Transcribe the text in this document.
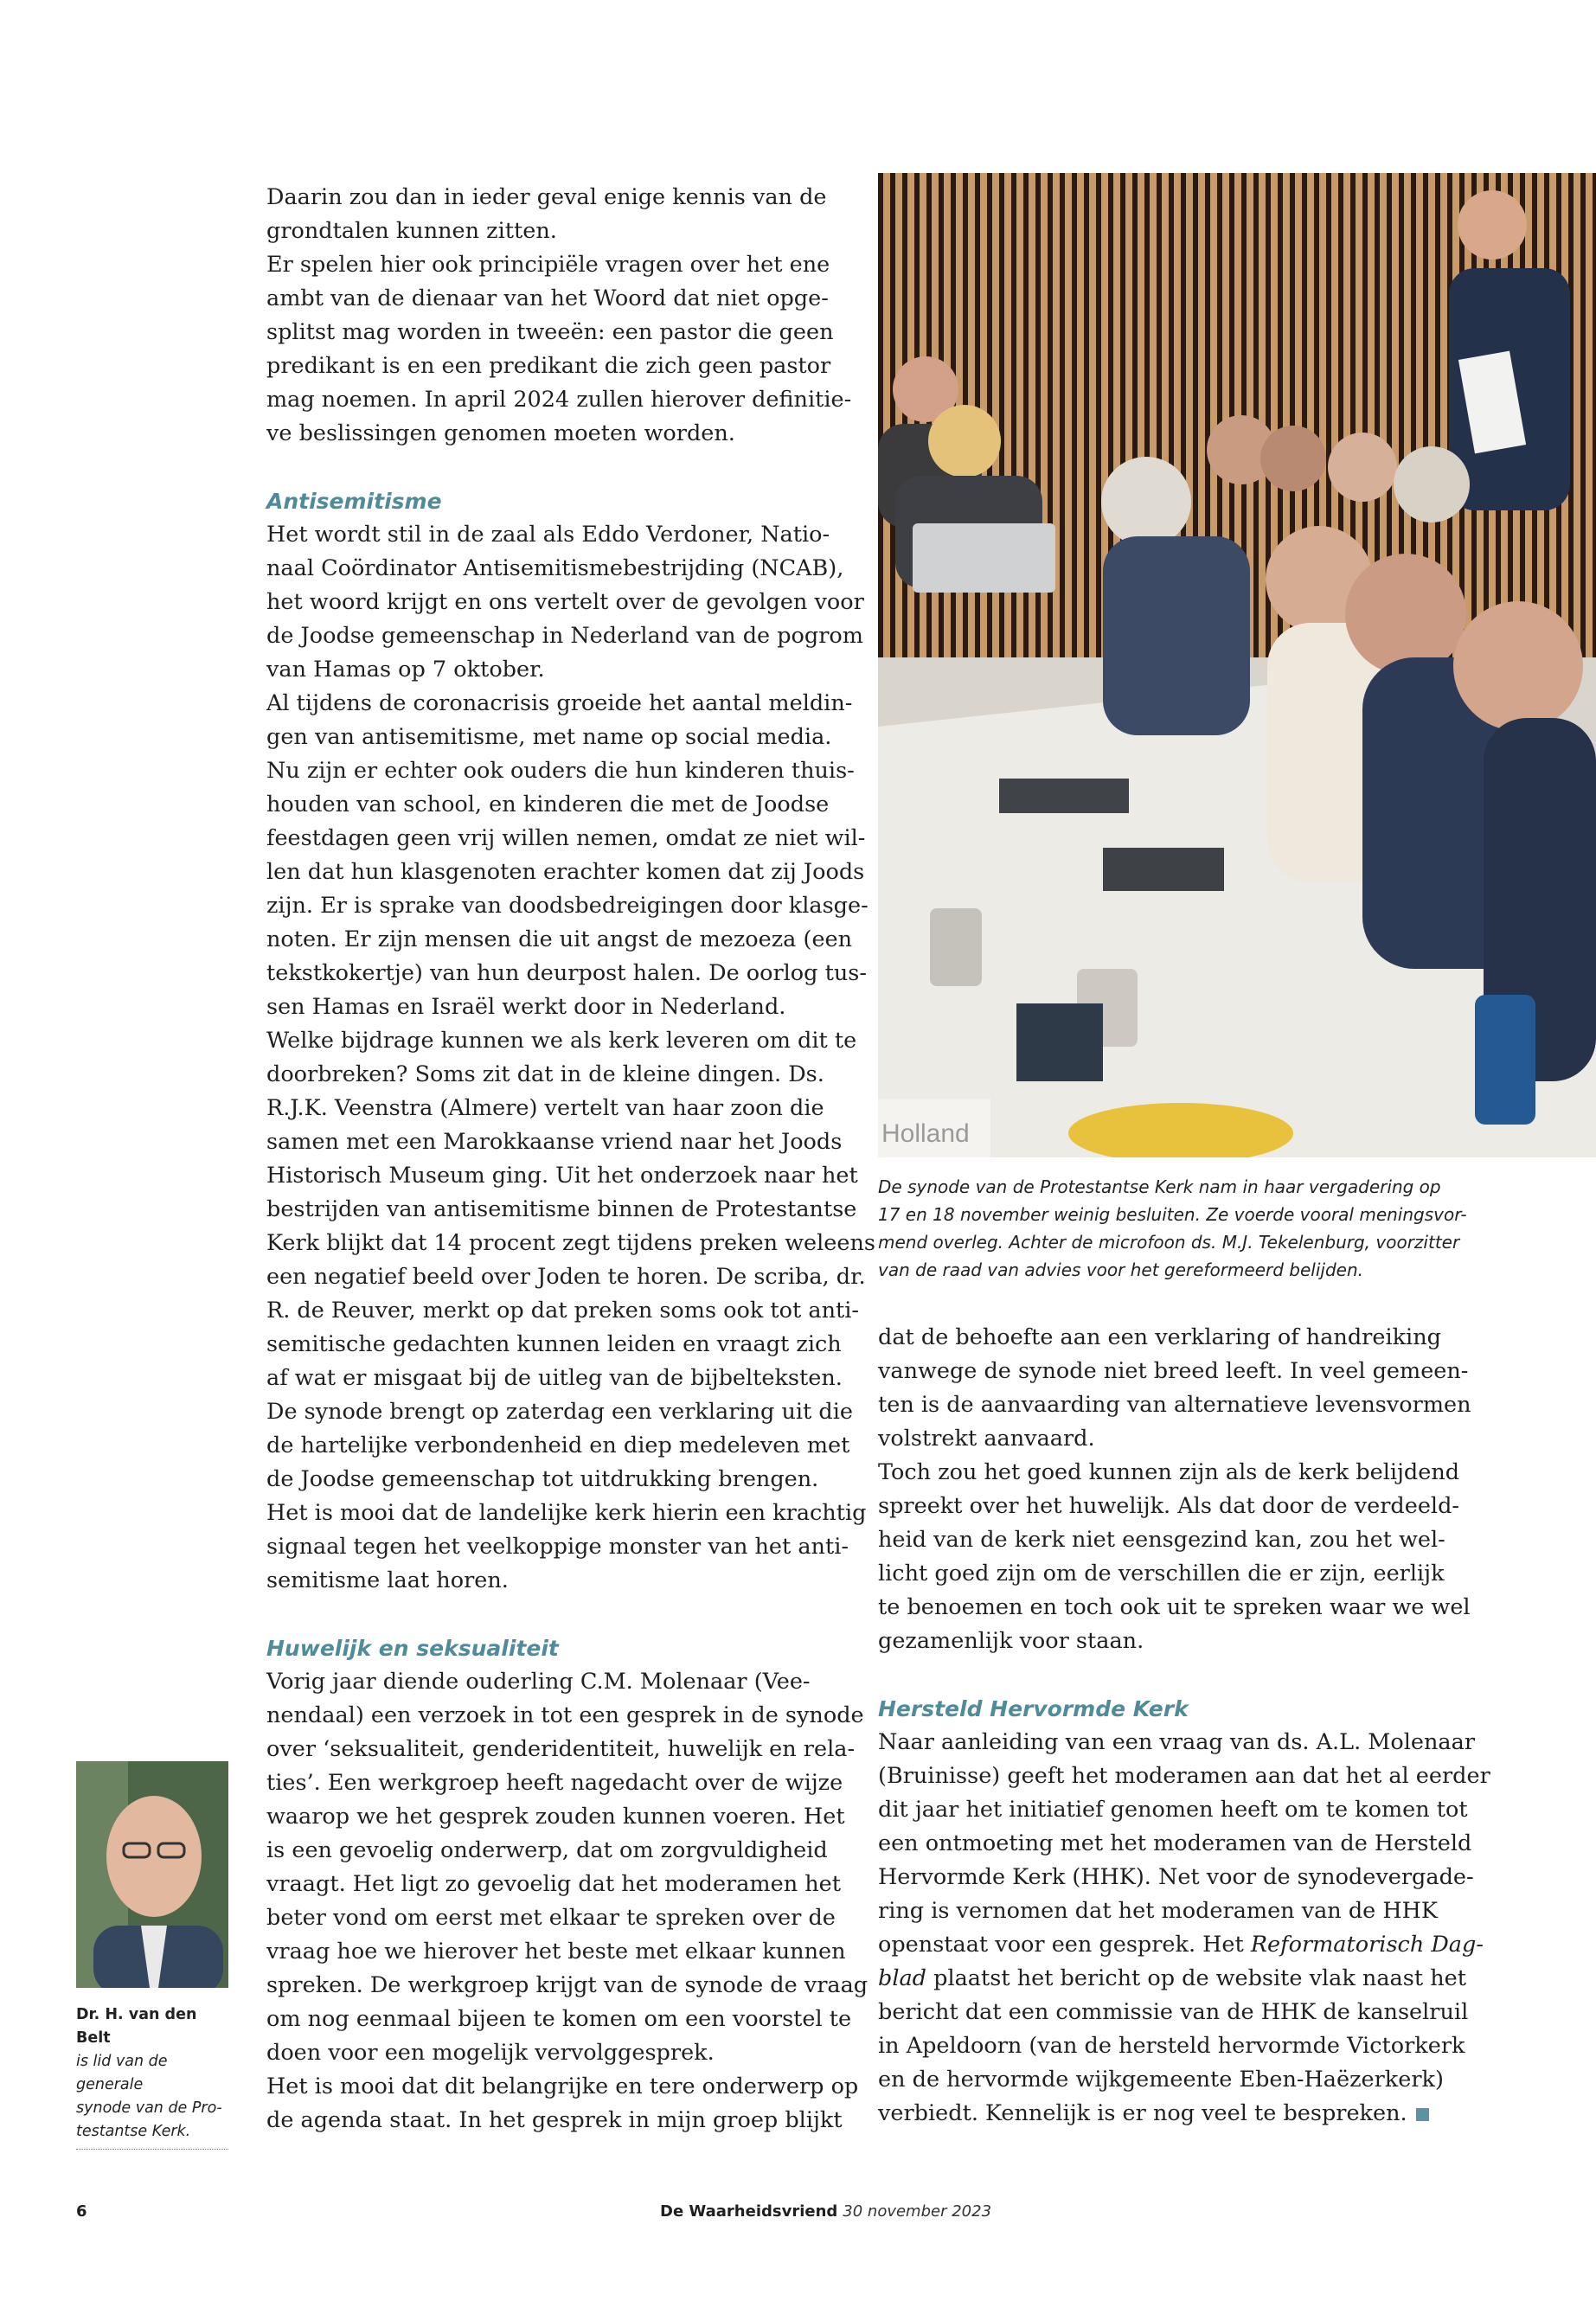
Daarin zou dan in ieder geval enige kennis van de

grondtalen kunnen zitten.

Er spelen hier ook principiële vragen over het ene

ambt van de dienaar van het Woord dat niet opge-

splitst mag worden in tweeën: een pastor die geen

predikant is en een predikant die zich geen pastor

mag noemen. In april 2024 zullen hierover definitie-

ve beslissingen genomen moeten worden.

Antisemitisme

Het wordt stil in de zaal als Eddo Verdoner, Natio-

naal Coördinator Antisemitismebestrijding (NCAB),

het woord krijgt en ons vertelt over de gevolgen voor

de Joodse gemeenschap in Nederland van de pogrom

van Hamas op 7 oktober.

Al tijdens de coronacrisis groeide het aantal meldin-

gen van antisemitisme, met name op social media.

Nu zijn er echter ook ouders die hun kinderen thuis-

houden van school, en kinderen die met de Joodse

feestdagen geen vrij willen nemen, omdat ze niet wil-

len dat hun klasgenoten erachter komen dat zij Joods

zijn. Er is sprake van doodsbedreigingen door klasge-

noten. Er zijn mensen die uit angst de mezoeza (een

tekstkokertje) van hun deurpost halen. De oorlog tus-

sen Hamas en Israël werkt door in Nederland.

Welke bijdrage kunnen we als kerk leveren om dit te

doorbreken? Soms zit dat in de kleine dingen. Ds.

R.J.K. Veenstra (Almere) vertelt van haar zoon die

samen met een Marokkaanse vriend naar het Joods

Historisch Museum ging. Uit het onderzoek naar het

bestrijden van antisemitisme binnen de Protestantse

Kerk blijkt dat 14 procent zegt tijdens preken weleens

een negatief beeld over Joden te horen. De scriba, dr.

R. de Reuver, merkt op dat preken soms ook tot anti-

semitische gedachten kunnen leiden en vraagt zich

af wat er misgaat bij de uitleg van de bijbelteksten.

De synode brengt op zaterdag een verklaring uit die

de hartelijke verbondenheid en diep medeleven met

de Joodse gemeenschap tot uitdrukking brengen.

Het is mooi dat de landelijke kerk hierin een krachtig

signaal tegen het veelkoppige monster van het anti-

semitisme laat horen.

Huwelijk en seksualiteit

Vorig jaar diende ouderling C.M. Molenaar (Vee-

nendaal) een verzoek in tot een gesprek in de synode

over ‘seksualiteit, genderidentiteit, huwelijk en rela-

ties’. Een werkgroep heeft nagedacht over de wijze

waarop we het gesprek zouden kunnen voeren. Het

is een gevoelig onderwerp, dat om zorgvuldigheid

vraagt. Het ligt zo gevoelig dat het moderamen het

beter vond om eerst met elkaar te spreken over de

vraag hoe we hierover het beste met elkaar kunnen

spreken. De werkgroep krijgt van de synode de vraag

om nog eenmaal bijeen te komen om een voorstel te

doen voor een mogelijk vervolggesprek.

Het is mooi dat dit belangrijke en tere onderwerp op

de agenda staat. In het gesprek in mijn groep blijkt

Holland
De synode van de Protestantse Kerk nam in haar vergadering op
17 en 18 november weinig besluiten. Ze voerde vooral meningsvor-
mend overleg. Achter de microfoon ds. M.J. Tekelenburg, voorzitter
van de raad van advies voor het gereformeerd belijden.

dat de behoefte aan een verklaring of handreiking

vanwege de synode niet breed leeft. In veel gemeen-

ten is de aanvaarding van alternatieve levensvormen

volstrekt aanvaard.

Toch zou het goed kunnen zijn als de kerk belijdend

spreekt over het huwelijk. Als dat door de verdeeld-

heid van de kerk niet eensgezind kan, zou het wel-

licht goed zijn om de verschillen die er zijn, eerlijk

te benoemen en toch ook uit te spreken waar we wel

gezamenlijk voor staan.

Hersteld Hervormde Kerk

Naar aanleiding van een vraag van ds. A.L. Molenaar

(Bruinisse) geeft het moderamen aan dat het al eerder

dit jaar het initiatief genomen heeft om te komen tot

een ontmoeting met het moderamen van de Hersteld

Hervormde Kerk (HHK). Net voor de synodevergade-

ring is vernomen dat het moderamen van de HHK

openstaat voor een gesprek. Het Reformatorisch Dag-

blad plaatst het bericht op de website vlak naast het

bericht dat een commissie van de HHK de kanselruil

in Apeldoorn (van de hersteld hervormde Victorkerk

en de hervormde wijkgemeente Eben-Haëzerkerk)

verbiedt. Kennelijk is er nog veel te bespreken.

Dr. H. van den Belt
is lid van de generale
synode van de Pro-
testantse Kerk.
6	De Waarheidsvriend 30 november 2023
